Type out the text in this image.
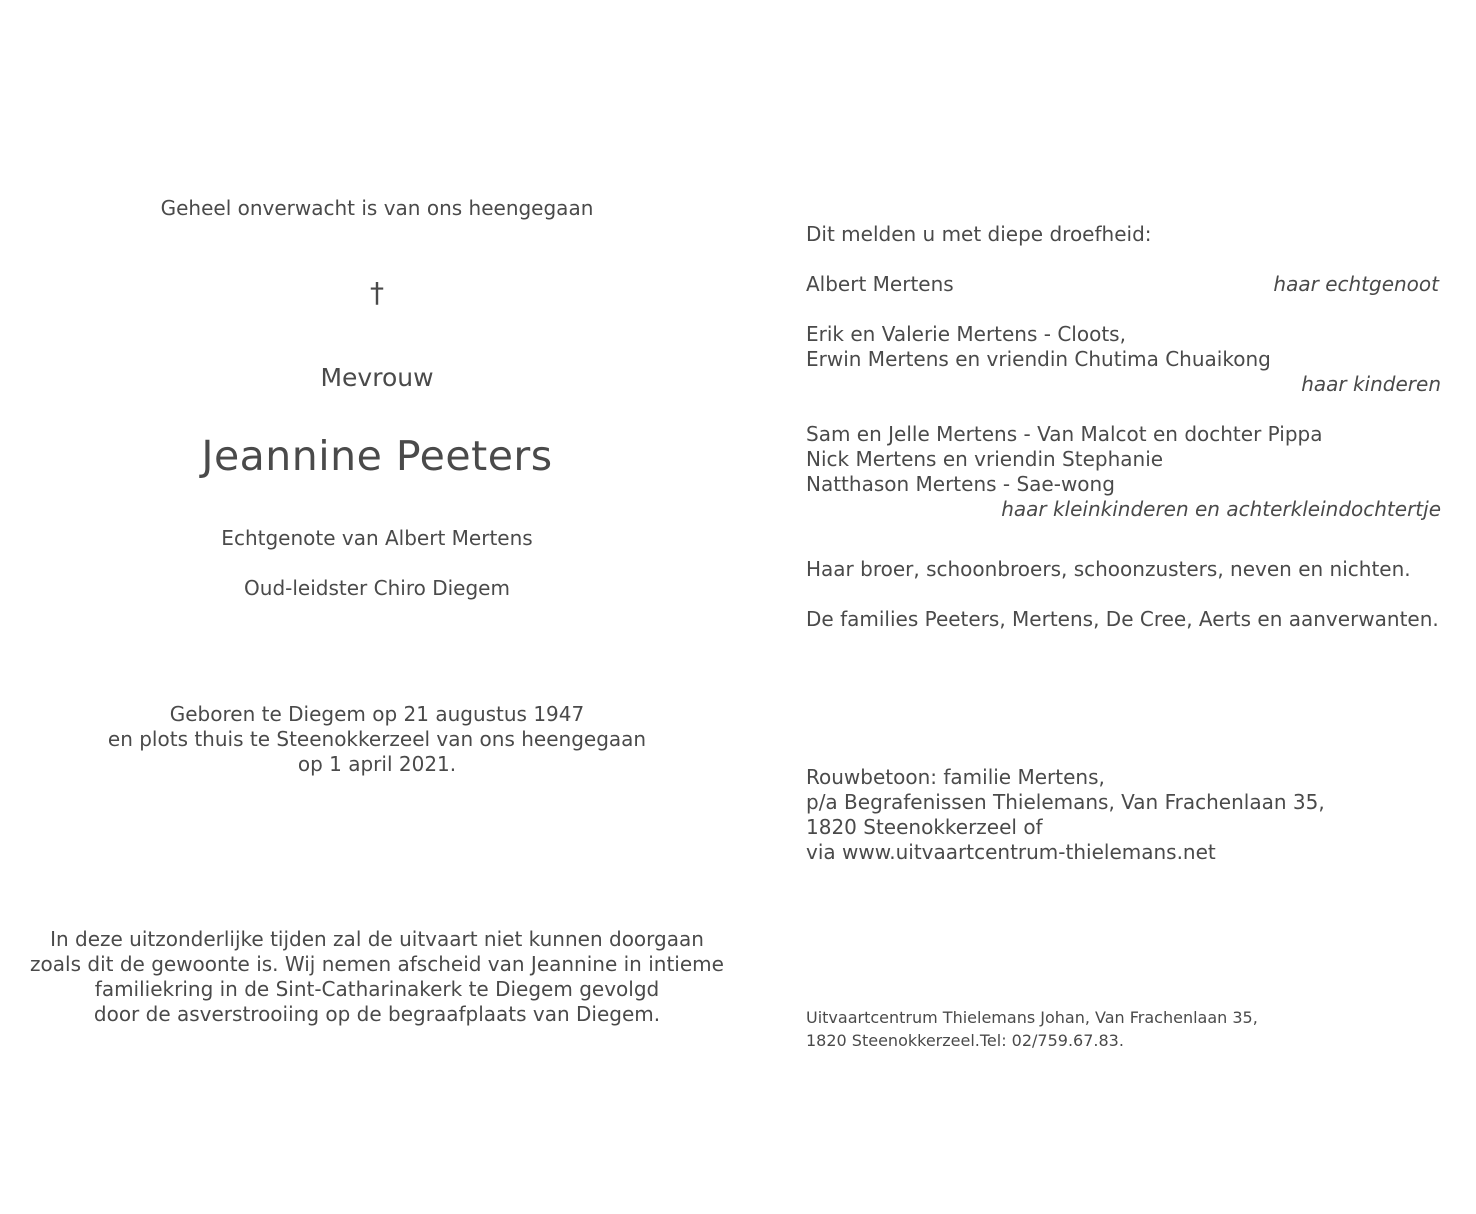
Geheel onverwacht is van ons heengegaan
†
Mevrouw
Jeannine Peeters
Echtgenote van Albert Mertens
Oud-leidster Chiro Diegem
Geboren te Diegem op 21 augustus 1947
en plots thuis te Steenokkerzeel van ons heengegaan
op 1 april 2021.
In deze uitzonderlijke tijden zal de uitvaart niet kunnen doorgaan
zoals dit de gewoonte is. Wij nemen afscheid van Jeannine in intieme
familiekring in de Sint-Catharinakerk te Diegem gevolgd
door de asverstrooiing op de begraafplaats van Diegem.
Dit melden u met diepe droefheid:
Albert Mertens	haar echtgenoot
Erik en Valerie Mertens - Cloots,
Erwin Mertens en vriendin Chutima Chuaikong
haar kinderen
Sam en Jelle Mertens - Van Malcot en dochter Pippa
Nick Mertens en vriendin Stephanie
Natthason Mertens - Sae-wong
haar kleinkinderen en achterkleindochtertje
Haar broer, schoonbroers, schoonzusters, neven en nichten.
De families Peeters, Mertens, De Cree, Aerts en aanverwanten.
Rouwbetoon: familie Mertens,
p/a Begrafenissen Thielemans, Van Frachenlaan 35,
1820 Steenokkerzeel of
via www.uitvaartcentrum-thielemans.net
Uitvaartcentrum Thielemans Johan, Van Frachenlaan 35,
1820 Steenokkerzeel.Tel: 02/759.67.83.
